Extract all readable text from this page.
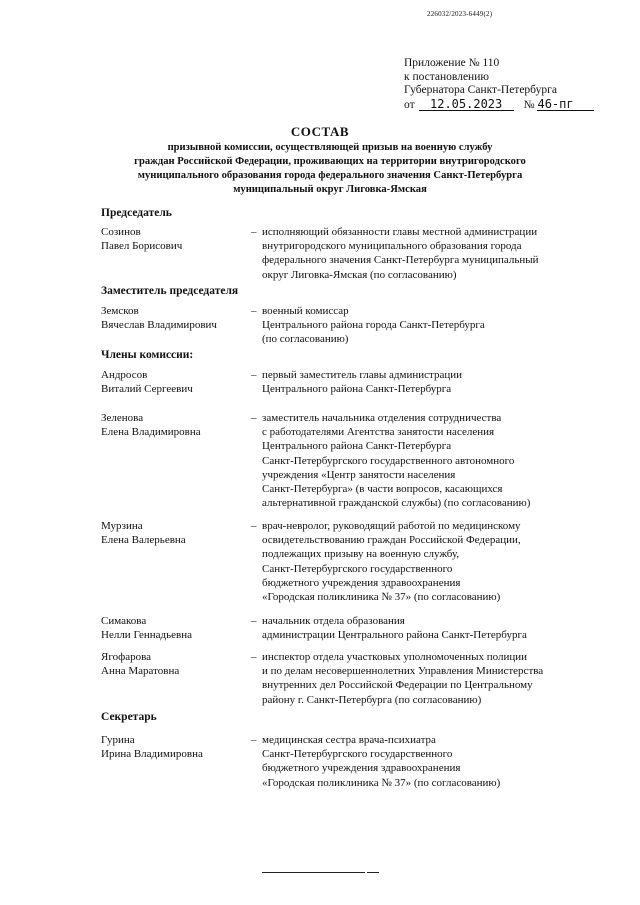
226032/2023-6449(2)
Приложение № 110
к постановлению
Губернатора Санкт-Петербурга
от 12.05.2023 № 46-пг
СОСТАВ
призывной комиссии, осуществляющей призыв на военную службу
граждан Российской Федерации, проживающих на территории внутригородского
муниципального образования города федерального значения Санкт-Петербурга
муниципальный округ Лиговка-Ямская
Председатель
Созинов
Павел Борисович
– исполняющий обязанности главы местной администрации
внутригородского муниципального образования города
федерального значения Санкт-Петербурга муниципальный
округ Лиговка-Ямская (по согласованию)
Заместитель председателя
Земсков
Вячеслав Владимирович
– военный комиссар
Центрального района города Санкт-Петербурга
(по согласованию)
Члены комиссии:
Андросов
Виталий Сергеевич
– первый заместитель главы администрации
Центрального района Санкт-Петербурга
Зеленова
Елена Владимировна
– заместитель начальника отделения сотрудничества
с работодателями Агентства занятости населения
Центрального района Санкт-Петербурга
Санкт-Петербургского государственного автономного
учреждения «Центр занятости населения
Санкт-Петербурга» (в части вопросов, касающихся
альтернативной гражданской службы) (по согласованию)
Мурзина
Елена Валерьевна
– врач-невролог, руководящий работой по медицинскому
освидетельствованию граждан Российской Федерации,
подлежащих призыву на военную службу,
Санкт-Петербургского государственного
бюджетного учреждения здравоохранения
«Городская поликлиника № 37» (по согласованию)
Симакова
Нелли Геннадьевна
– начальник отдела образования
администрации Центрального района Санкт-Петербурга
Ягофарова
Анна Маратовна
– инспектор отдела участковых уполномоченных полиции
и по делам несовершеннолетних Управления Министерства
внутренних дел Российской Федерации по Центральному
району г. Санкт-Петербурга (по согласованию)
Секретарь
Гурина
Ирина Владимировна
– медицинская сестра врача-психиатра
Санкт-Петербургского государственного
бюджетного учреждения здравоохранения
«Городская поликлиника № 37» (по согласованию)
